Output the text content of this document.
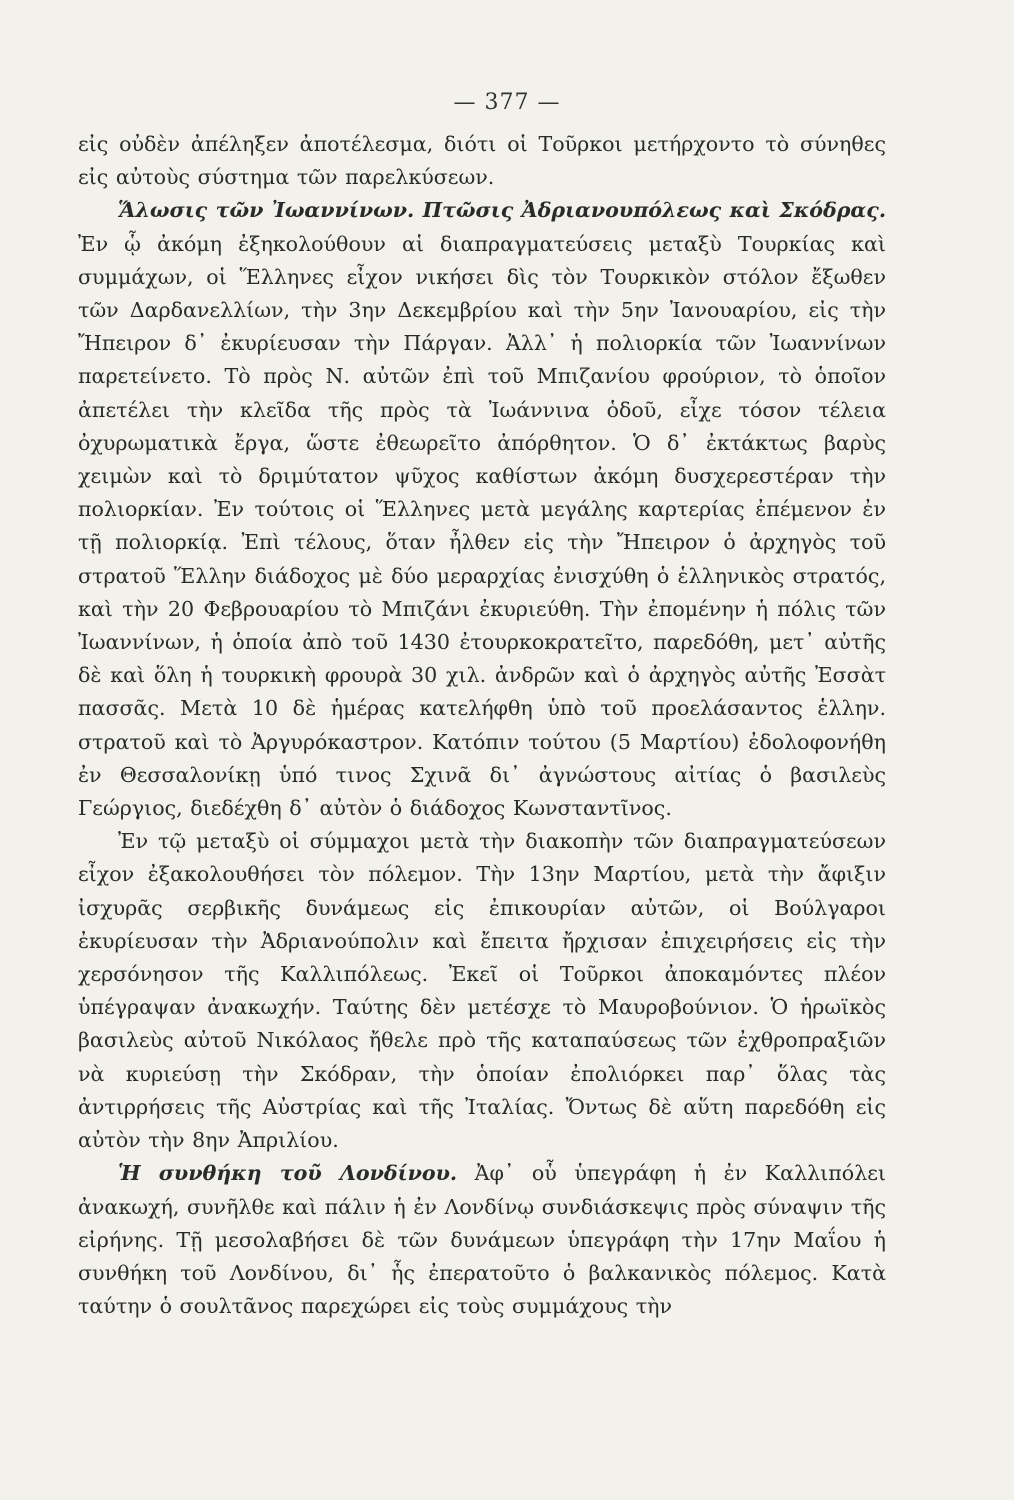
— 377 —

εἰς οὐδὲν ἀπέληξεν ἀποτέλεσμα, διότι οἱ Τοῦρκοι μετήρχοντο τὸ σύνηθες εἰς αὐτοὺς σύστημα τῶν παρελκύσεων.

Ἅλωσις τῶν Ἰωαννίνων. Πτῶσις Ἀδριανουπόλεως καὶ Σκόδρας. Ἐν ᾧ ἀκόμη ἐξηκολούθουν αἱ διαπραγματεύσεις μεταξὺ Τουρκίας καὶ συμμάχων, οἱ Ἕλληνες εἶχον νικήσει δὶς τὸν Τουρκικὸν στόλον ἔξωθεν τῶν Δαρδανελλίων, τὴν 3ην Δεκεμβρίου καὶ τὴν 5ην Ἰανουαρίου, εἰς τὴν Ἤπειρον δ᾽ ἐκυρίευσαν τὴν Πάργαν. Ἀλλ᾽ ἡ πολιορκία τῶν Ἰωαννίνων παρετείνετο. Τὸ πρὸς Ν. αὐτῶν ἐπὶ τοῦ Μπιζανίου φρούριον, τὸ ὁποῖον ἀπετέλει τὴν κλεῖδα τῆς πρὸς τὰ Ἰωάννινα ὁδοῦ, εἶχε τόσον τέλεια ὀχυρωματικὰ ἔργα, ὥστε ἐθεωρεῖτο ἀπόρθητον. Ὁ δ᾽ ἐκτάκτως βαρὺς χειμὼν καὶ τὸ δριμύτατον ψῦχος καθίστων ἀκόμη δυσχερεστέραν τὴν πολιορκίαν. Ἐν τούτοις οἱ Ἕλληνες μετὰ μεγάλης καρτερίας ἐπέμενον ἐν τῇ πολιορκίᾳ. Ἐπὶ τέλους, ὅταν ἦλθεν εἰς τὴν Ἤπειρον ὁ ἀρχηγὸς τοῦ στρατοῦ Ἕλλην διάδοχος μὲ δύο μεραρχίας ἐνισχύθη ὁ ἑλληνικὸς στρατός, καὶ τὴν 20 Φεβρουαρίου τὸ Μπιζάνι ἐκυριεύθη. Τὴν ἐπομένην ἡ πόλις τῶν Ἰωαννίνων, ἡ ὁποία ἀπὸ τοῦ 1430 ἐτουρκοκρατεῖτο, παρεδόθη, μετ᾽ αὐτῆς δὲ καὶ ὅλη ἡ τουρκικὴ φρουρὰ 30 χιλ. ἀνδρῶν καὶ ὁ ἀρχηγὸς αὐτῆς Ἐσσὰτ πασσᾶς. Μετὰ 10 δὲ ἡμέρας κατελήφθη ὑπὸ τοῦ προελάσαντος ἑλλην. στρατοῦ καὶ τὸ Ἀργυρόκαστρον. Κατόπιν τούτου (5 Μαρτίου) ἐδολοφονήθη ἐν Θεσσαλονίκῃ ὑπό τινος Σχινᾶ δι᾽ ἀγνώστους αἰτίας ὁ βασιλεὺς Γεώργιος, διεδέχθη δ᾽ αὐτὸν ὁ διάδοχος Κωνσταντῖνος.

Ἐν τῷ μεταξὺ οἱ σύμμαχοι μετὰ τὴν διακοπὴν τῶν διαπραγματεύσεων εἶχον ἐξακολουθήσει τὸν πόλεμον. Τὴν 13ην Μαρτίου, μετὰ τὴν ἄφιξιν ἰσχυρᾶς σερβικῆς δυνάμεως εἰς ἐπικουρίαν αὐτῶν, οἱ Βούλγαροι ἐκυρίευσαν τὴν Ἀδριανούπολιν καὶ ἔπειτα ἤρχισαν ἐπιχειρήσεις εἰς τὴν χερσόνησον τῆς Καλλιπόλεως. Ἐκεῖ οἱ Τοῦρκοι ἀποκαμόντες πλέον ὑπέγραψαν ἀνακωχήν. Ταύτης δὲν μετέσχε τὸ Μαυροβούνιον. Ὁ ἡρωϊκὸς βασιλεὺς αὐτοῦ Νικόλαος ἤθελε πρὸ τῆς καταπαύσεως τῶν ἐχθροπραξιῶν νὰ κυριεύσῃ τὴν Σκόδραν, τὴν ὁποίαν ἐπολιόρκει παρ᾽ ὅλας τὰς ἀντιρρήσεις τῆς Αὐστρίας καὶ τῆς Ἰταλίας. Ὄντως δὲ αὕτη παρεδόθη εἰς αὐτὸν τὴν 8ην Ἀπριλίου.

Ἡ συνθήκη τοῦ Λονδίνου. Ἀφ᾽ οὗ ὑπεγράφη ἡ ἐν Καλλιπόλει ἀνακωχή, συνῆλθε καὶ πάλιν ἡ ἐν Λονδίνῳ συνδιάσκεψις πρὸς σύναψιν τῆς εἰρήνης. Τῇ μεσολαβήσει δὲ τῶν δυνάμεων ὑπεγράφη τὴν 17ην Μαΐου ἡ συνθήκη τοῦ Λονδίνου, δι᾽ ἧς ἐπερατοῦτο ὁ βαλκανικὸς πόλεμος. Κατὰ ταύτην ὁ σουλτᾶνος παρεχώρει εἰς τοὺς συμμάχους τὴν
